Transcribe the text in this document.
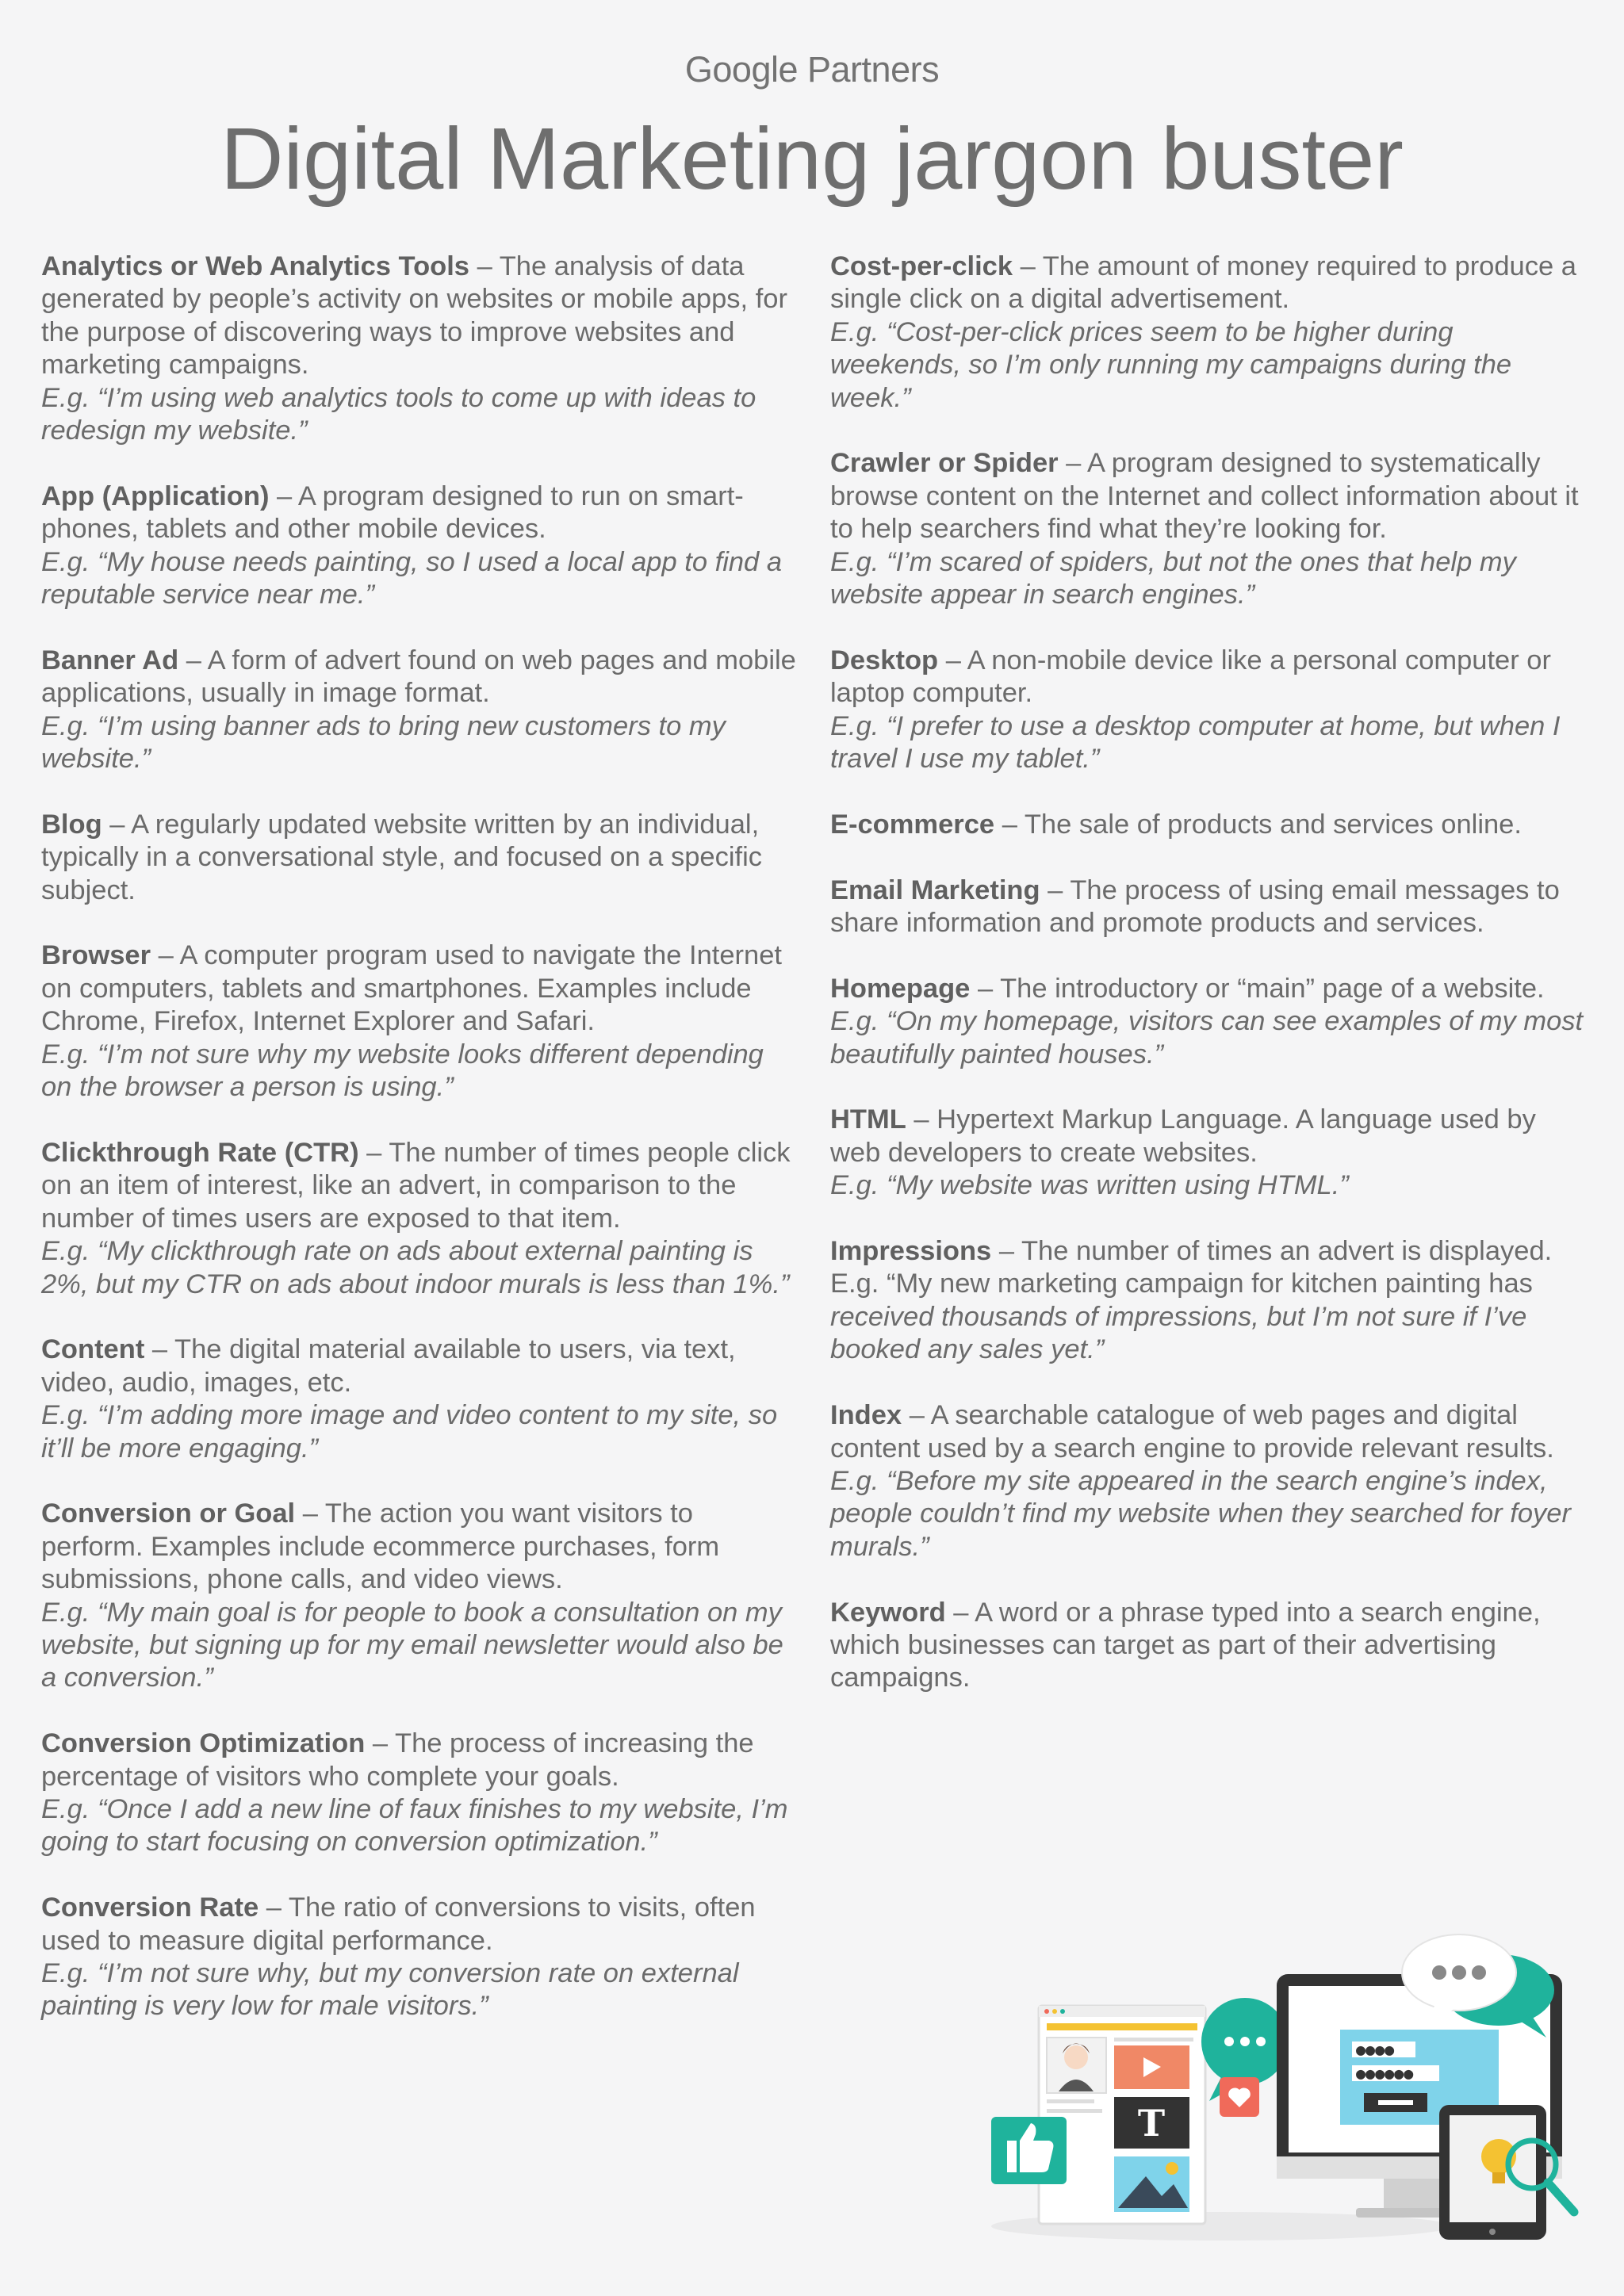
Google Partners
Digital Marketing jargon buster

Analytics or Web Analytics Tools – The analysis of data generated by people’s activity on websites or mobile apps, for the purpose of discovering ways to improve websites and marketing campaigns.
E.g. “I’m using web analytics tools to come up with ideas to redesign my website.”

App (Application) – A program designed to run on smart-phones, tablets and other mobile devices.
E.g. “My house needs painting, so I used a local app to find a reputable service near me.”

Banner Ad – A form of advert found on web pages and mobile applications, usually in image format.
E.g. “I’m using banner ads to bring new customers to my website.”

Blog – A regularly updated website written by an individual, typically in a conversational style, and focused on a specific subject.

Browser – A computer program used to navigate the Internet on computers, tablets and smartphones. Examples include Chrome, Firefox, Internet Explorer and Safari.
E.g. “I’m not sure why my website looks different depending on the browser a person is using.”

Clickthrough Rate (CTR) – The number of times people click on an item of interest, like an advert, in comparison to the number of times users are exposed to that item.
E.g. “My clickthrough rate on ads about external painting is 2%, but my CTR on ads about indoor murals is less than 1%.”

Content – The digital material available to users, via text, video, audio, images, etc.
E.g. “I’m adding more image and video content to my site, so it’ll be more engaging.”

Conversion or Goal – The action you want visitors to perform. Examples include ecommerce purchases, form submissions, phone calls, and video views.
E.g. “My main goal is for people to book a consultation on my website, but signing up for my email newsletter would also be a conversion.”

Conversion Optimization – The process of increasing the percentage of visitors who complete your goals.
E.g. “Once I add a new line of faux finishes to my website, I’m going to start focusing on conversion optimization.”

Conversion Rate – The ratio of conversions to visits, often used to measure digital performance.
E.g. “I’m not sure why, but my conversion rate on external painting is very low for male visitors.”

Cost-per-click – The amount of money required to produce a single click on a digital advertisement.
E.g. “Cost-per-click prices seem to be higher during weekends, so I’m only running my campaigns during the week.”

Crawler or Spider – A program designed to systematically browse content on the Internet and collect information about it to help searchers find what they’re looking for.
E.g. “I’m scared of spiders, but not the ones that help my website appear in search engines.”

Desktop – A non-mobile device like a personal computer or laptop computer.
E.g. “I prefer to use a desktop computer at home, but when I travel I use my tablet.”

E-commerce – The sale of products and services online.

Email Marketing – The process of using email messages to share information and promote products and services.

Homepage – The introductory or “main” page of a website.
E.g. “On my homepage, visitors can see examples of my most beautifully painted houses.”

HTML – Hypertext Markup Language. A language used by web developers to create websites.
E.g. “My website was written using HTML.”

Impressions – The number of times an advert is displayed. E.g. “My new marketing campaign for kitchen painting has
received thousands of impressions, but I’m not sure if I’ve booked any sales yet.”

Index – A searchable catalogue of web pages and digital content used by a search engine to provide relevant results.
E.g. “Before my site appeared in the search engine’s index, people couldn’t find my website when they searched for foyer murals.”

Keyword – A word or a phrase typed into a search engine, which businesses can target as part of their advertising campaigns.

T
●●●●
●●●●●●
